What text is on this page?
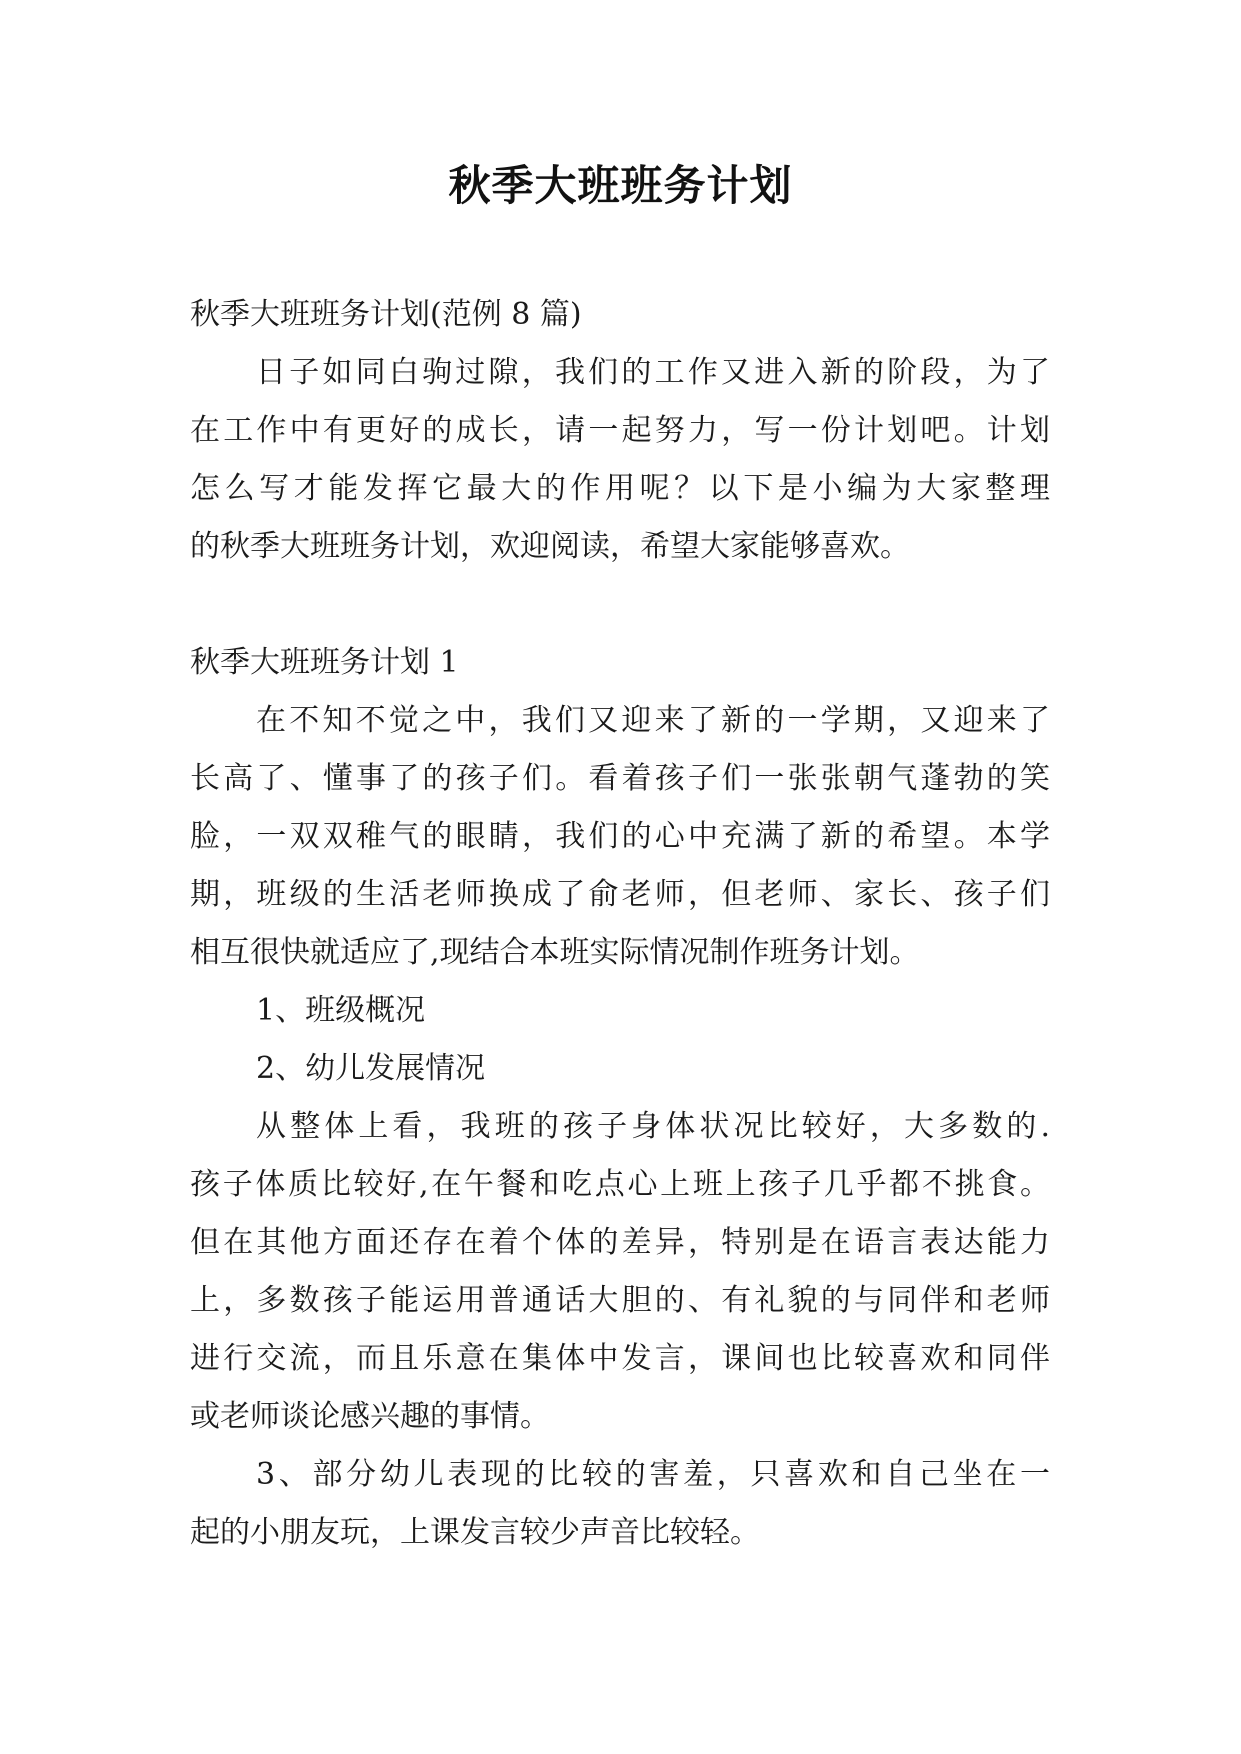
秋季大班班务计划

秋季大班班务计划(范例 8 篇)

日子如同白驹过隙，我们的工作又进入新的阶段，为了

在工作中有更好的成长，请一起努力，写一份计划吧。计划

怎么写才能发挥它最大的作用呢？以下是小编为大家整理

的秋季大班班务计划，欢迎阅读，希望大家能够喜欢。

秋季大班班务计划 1

在不知不觉之中，我们又迎来了新的一学期，又迎来了

长高了、懂事了的孩子们。看着孩子们一张张朝气蓬勃的笑

脸，一双双稚气的眼睛，我们的心中充满了新的希望。本学

期，班级的生活老师换成了俞老师，但老师、家长、孩子们

相互很快就适应了,现结合本班实际情况制作班务计划。

1、班级概况

2、幼儿发展情况

从整体上看，我班的孩子身体状况比较好，大多数的.

孩子体质比较好,在午餐和吃点心上班上孩子几乎都不挑食。

但在其他方面还存在着个体的差异，特别是在语言表达能力

上，多数孩子能运用普通话大胆的、有礼貌的与同伴和老师

进行交流，而且乐意在集体中发言，课间也比较喜欢和同伴

或老师谈论感兴趣的事情。

3、部分幼儿表现的比较的害羞，只喜欢和自己坐在一

起的小朋友玩，上课发言较少声音比较轻。
